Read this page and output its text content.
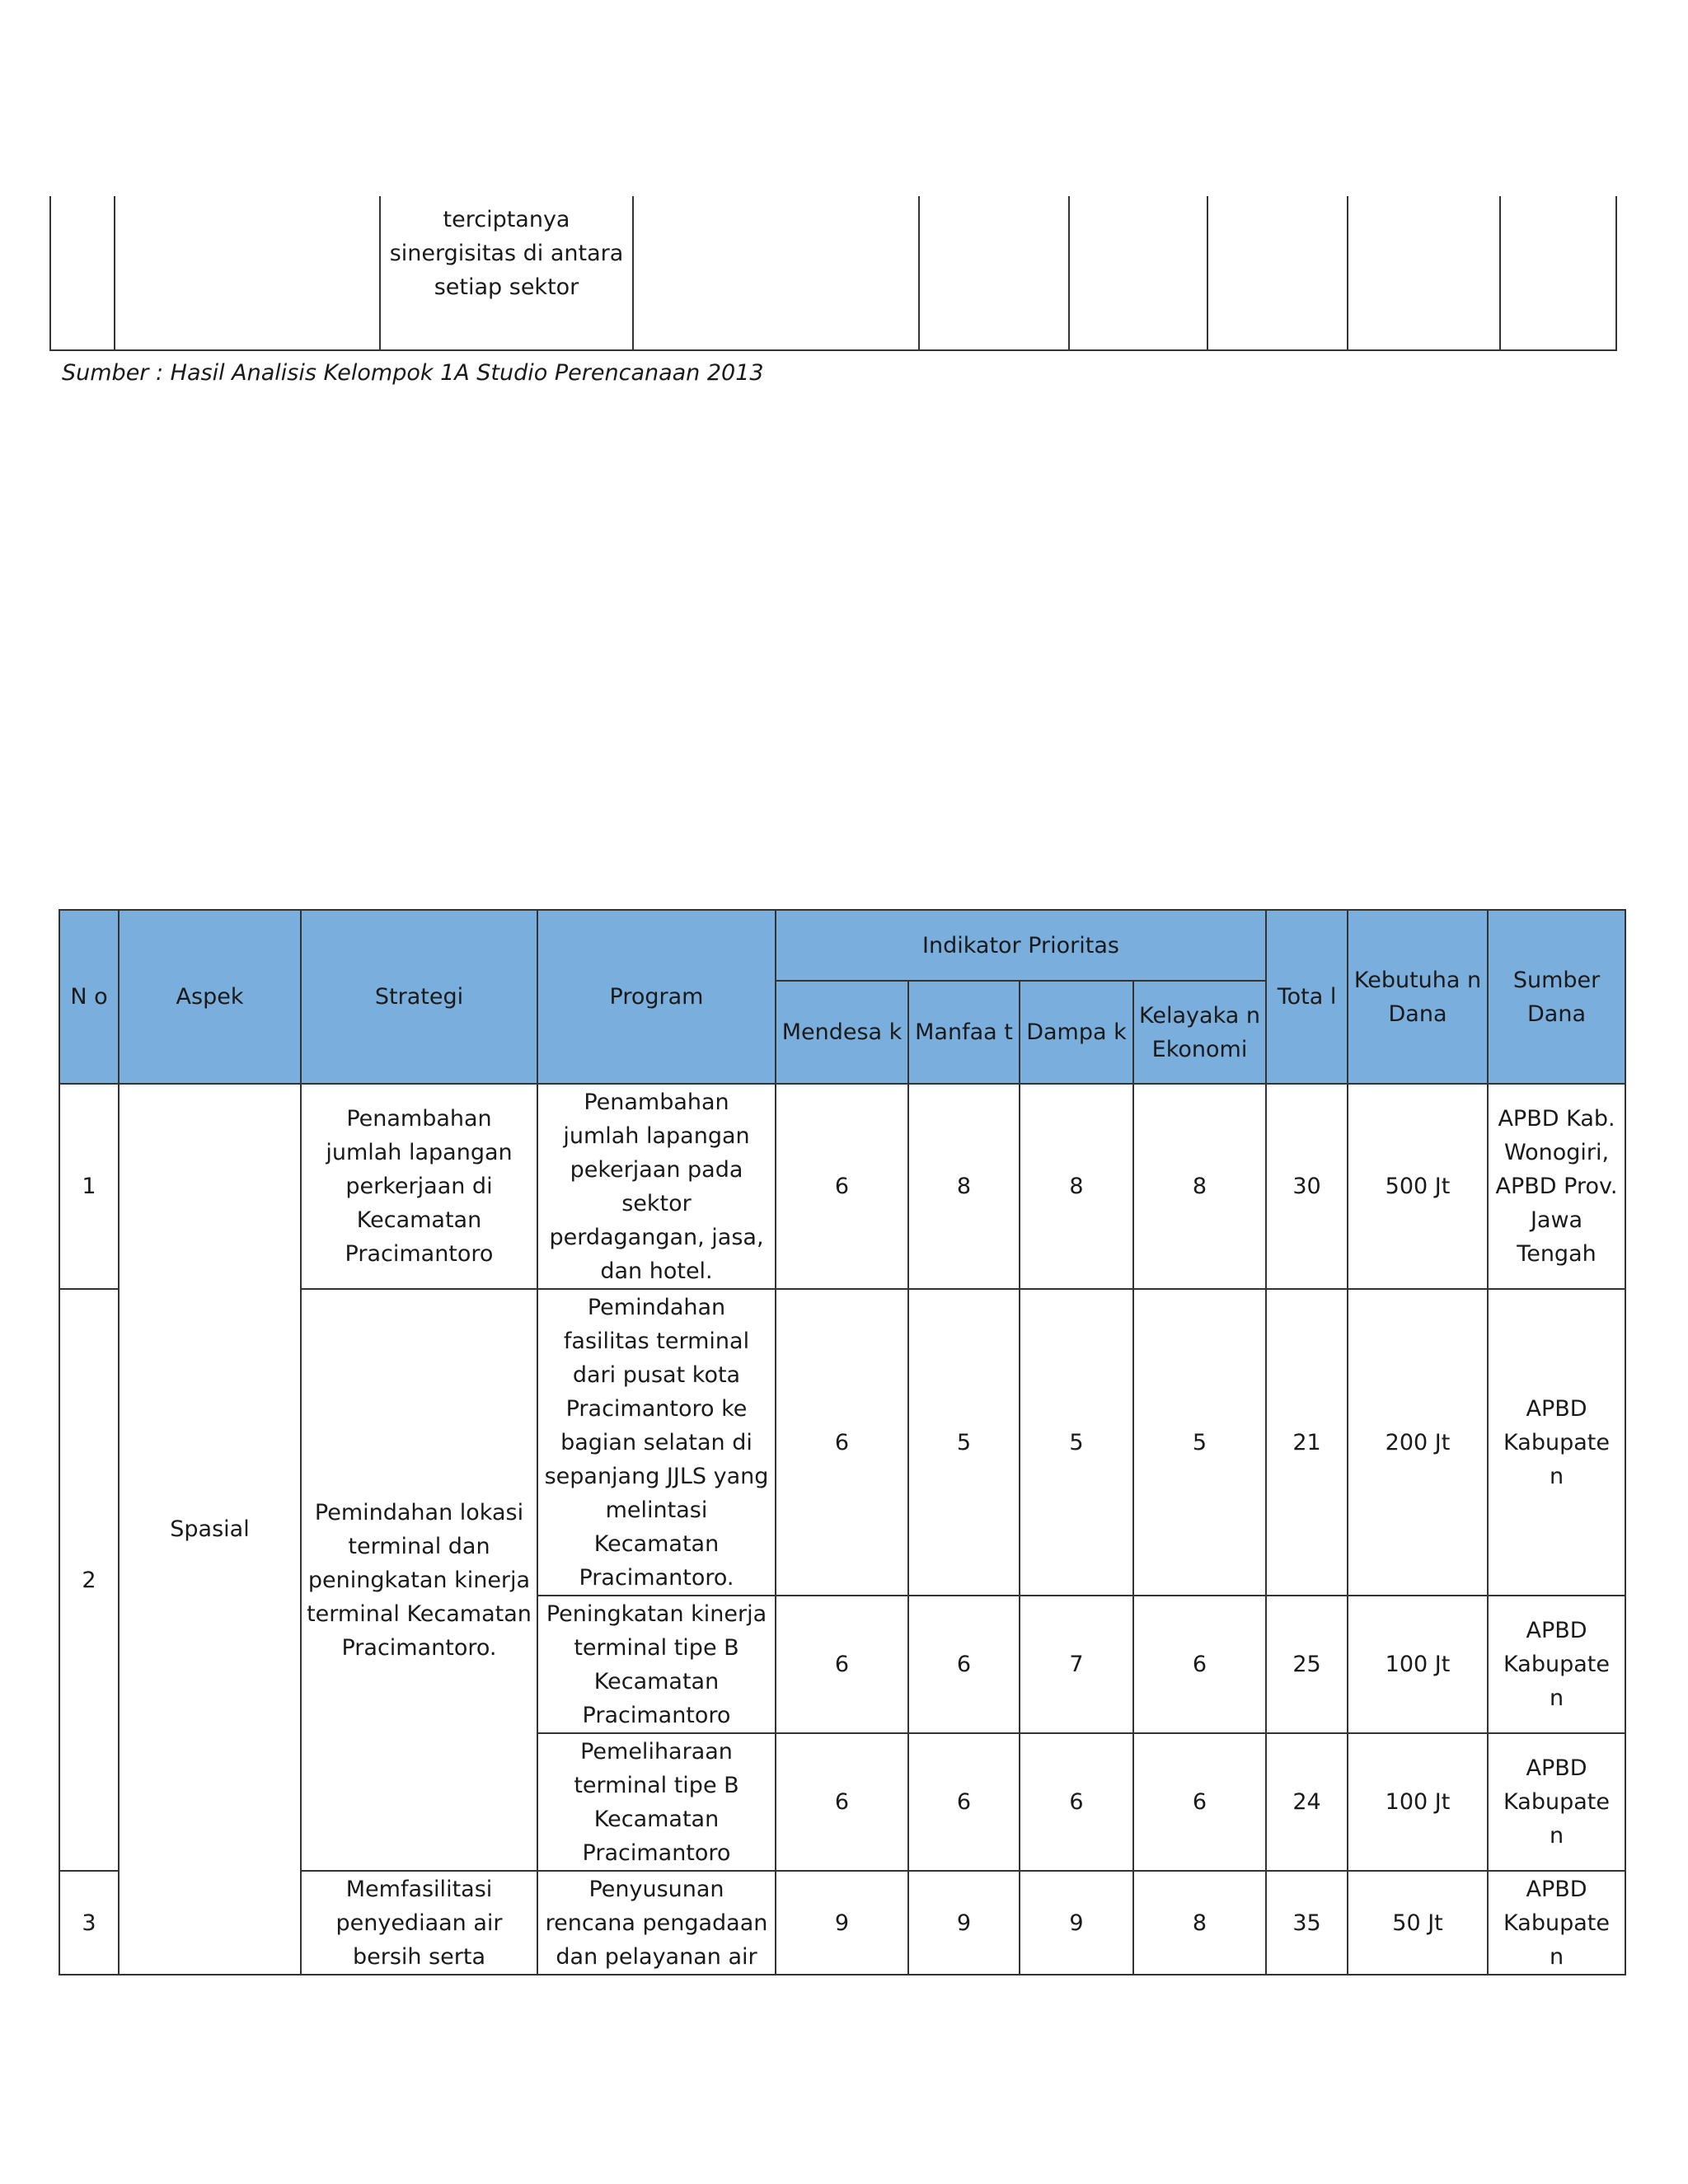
terciptanya sinergisitas di antara setiap sektor

Sumber : Hasil Analisis Kelompok 1A Studio Perencanaan 2013
N o	Aspek	Strategi	Program	Indikator Prioritas				Tota l	Kebutuha n Dana	Sumber Dana
				Mendesa k	Manfaa t	Dampa k	Kelayaka n Ekonomi			
1	Spasial	Penambahan jumlah lapangan perkerjaan di Kecamatan Pracimantoro	Penambahan jumlah lapangan pekerjaan pada sektor perdagangan, jasa, dan hotel.	6	8	8	8	30	500 Jt	APBD Kab. Wonogiri, APBD Prov. Jawa Tengah
2		Pemindahan lokasi terminal dan peningkatan kinerja terminal Kecamatan Pracimantoro.	Pemindahan fasilitas terminal dari pusat kota Pracimantoro ke bagian selatan di sepanjang JJLS yang melintasi Kecamatan Pracimantoro.	6	5	5	5	21	200 Jt	APBD Kabupate n
			Peningkatan kinerja terminal tipe B Kecamatan Pracimantoro	6	6	7	6	25	100 Jt	APBD Kabupate n
			Pemeliharaan terminal tipe B Kecamatan Pracimantoro	6	6	6	6	24	100 Jt	APBD Kabupate n
3		Memfasilitasi penyediaan air bersih serta	Penyusunan rencana pengadaan dan pelayanan air	9	9	9	8	35	50 Jt	APBD Kabupate n
